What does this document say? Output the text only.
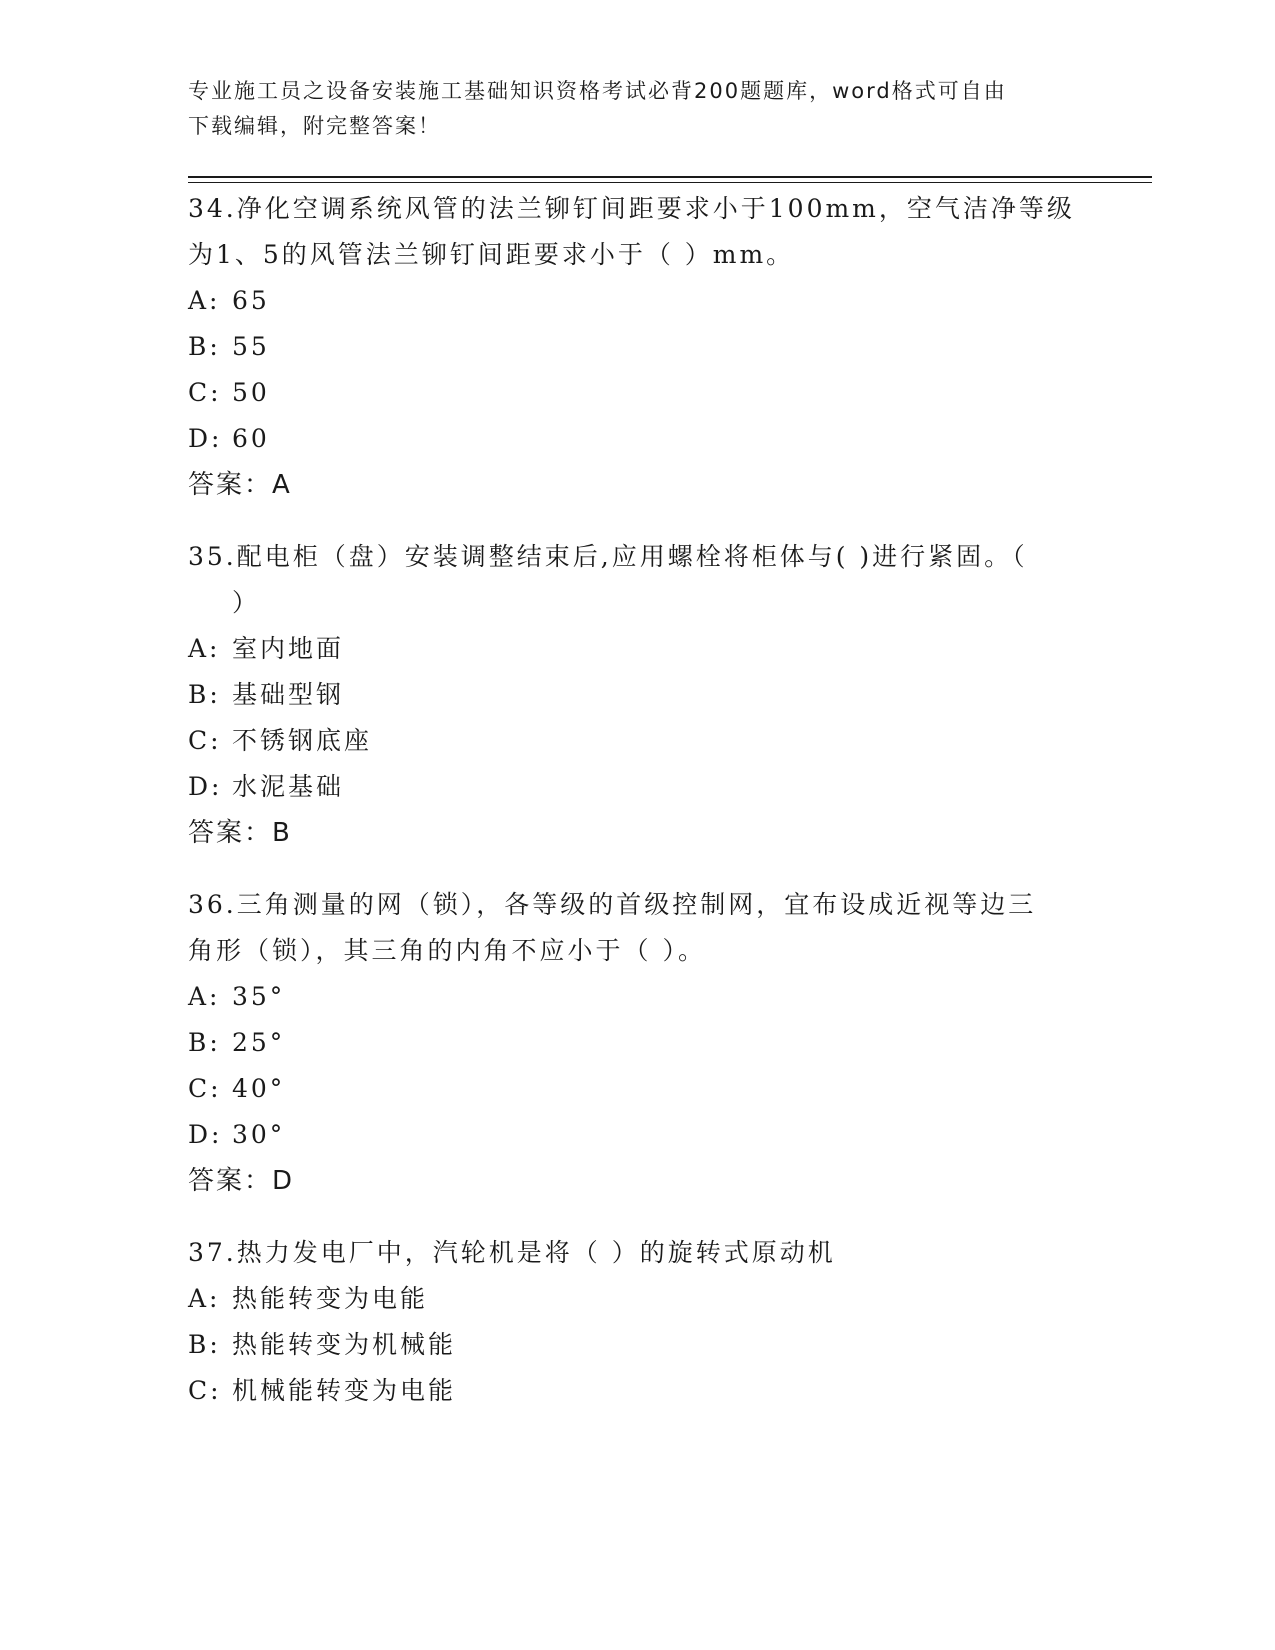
专业施工员之设备安装施工基础知识资格考试必背200题题库，word格式可自由
下载编辑，附完整答案！
34.净化空调系统风管的法兰铆钉间距要求小于100mm，空气洁净等级
为1、5的风管法兰铆钉间距要求小于（ ）mm。
A: 65
B: 55
C: 50
D: 60
答案：A
35.配电柜（盘）安装调整结束后,应用螺栓将柜体与( )进行紧固。（
）
A: 室内地面
B: 基础型钢
C: 不锈钢底座
D: 水泥基础
答案：B
36.三角测量的网（锁），各等级的首级控制网，宜布设成近视等边三
角形（锁），其三角的内角不应小于（ ）。
A: 35°
B: 25°
C: 40°
D: 30°
答案：D
37.热力发电厂中，汽轮机是将（ ）的旋转式原动机
A: 热能转变为电能
B: 热能转变为机械能
C: 机械能转变为电能
